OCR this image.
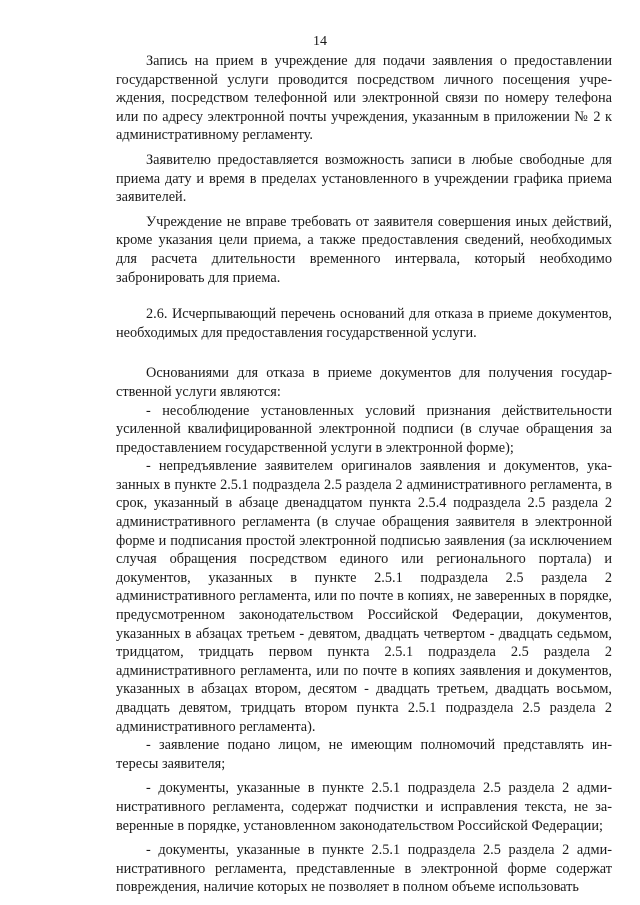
14

Запись на прием в учреждение для подачи заявления о предоставлении государственной услуги проводится посредством личного посещения учреждения, посредством телефонной или электронной связи по номеру телефона или по адресу электронной почты учреждения, указанным в приложении № 2 к административному регламенту.

Заявителю предоставляется возможность записи в любые свободные для приема дату и время в пределах установленного в учреждении графика приема заявителей.

Учреждение не вправе требовать от заявителя совершения иных действий, кроме указания цели приема, а также предоставления сведений, необходимых для расчета длительности временного интервала, который необходимо забронировать для приема.

2.6. Исчерпывающий перечень оснований для отказа в приеме документов, необходимых для предоставления государственной услуги.

Основаниями для отказа в приеме документов для получения государственной услуги являются:

- несоблюдение установленных условий признания действительности усиленной квалифицированной электронной подписи (в случае обращения за предоставлением государственной услуги в электронной форме);

- непредъявление заявителем оригиналов заявления и документов, указанных в пункте 2.5.1 подраздела 2.5 раздела 2 административного регламента, в срок, указанный в абзаце двенадцатом пункта 2.5.4 подраздела 2.5 раздела 2 административного регламента (в случае обращения заявителя в электронной форме и подписания простой электронной подписью заявления (за исключением случая обращения посредством единого или регионального портала) и документов, указанных в пункте 2.5.1 подраздела 2.5 раздела 2 административного регламента, или по почте в копиях, не заверенных в порядке, предусмотренном законодательством Российской Федерации, документов, указанных в абзацах третьем - девятом, двадцать четвертом - двадцать седьмом, тридцатом, тридцать первом пункта 2.5.1 подраздела 2.5 раздела 2 административного регламента, или по почте в копиях заявления и документов, указанных в абзацах втором, десятом - двадцать третьем, двадцать восьмом, двадцать девятом, тридцать втором пункта 2.5.1 подраздела 2.5 раздела 2 административного регламента).

- заявление подано лицом, не имеющим полномочий представлять интересы заявителя;

- документы, указанные в пункте 2.5.1 подраздела 2.5 раздела 2 административного регламента, содержат подчистки и исправления текста, не заверенные в порядке, установленном законодательством Российской Федерации;

- документы, указанные в пункте 2.5.1 подраздела 2.5 раздела 2 административного регламента, представленные в электронной форме содержат повреждения, наличие которых не позволяет в полном объеме использовать
